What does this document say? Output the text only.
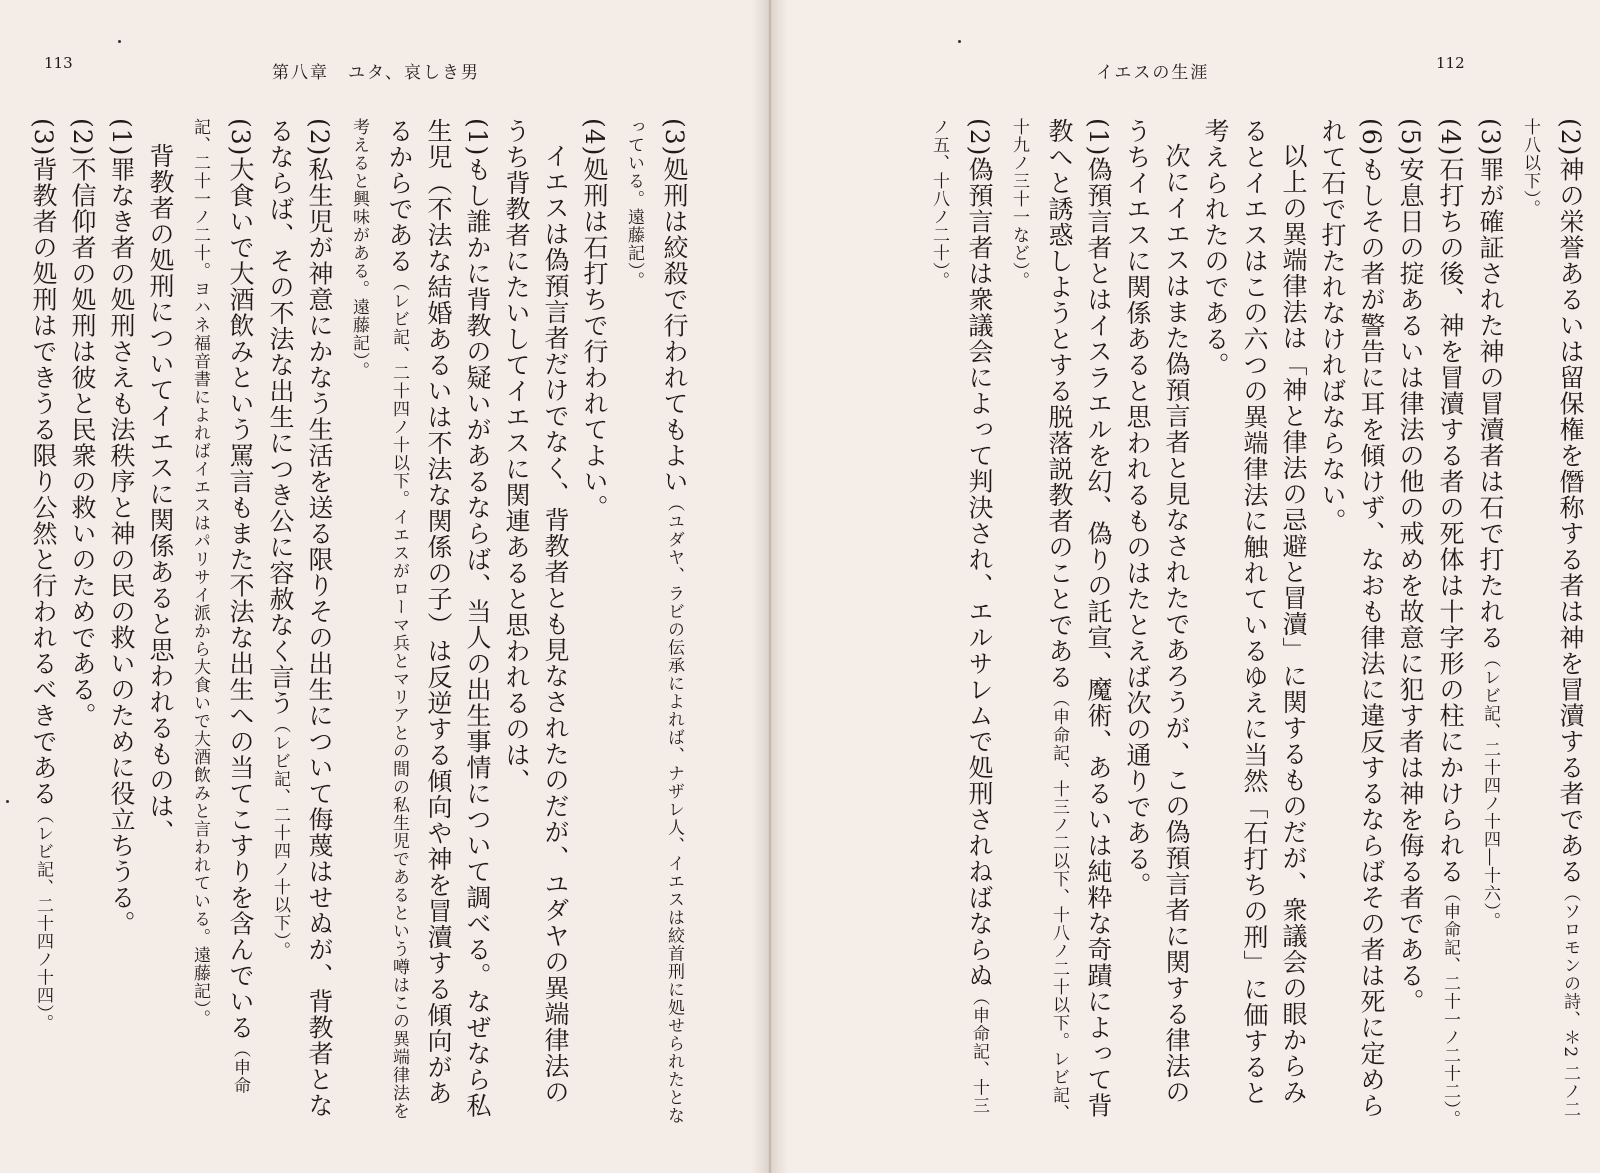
113	第八章　ユタ、哀しき男

(3)処刑は絞殺で行われてもよい（ユダヤ、ラビの伝承によれば、ナザレ人、イエスは絞首刑に処せられたとなっている。遠藤記）。

(4)処刑は石打ちで行われてよい。

イエスは偽預言者だけでなく、背教者とも見なされたのだが、ユダヤの異端律法のうち背教者にたいしてイエスに関連あると思われるのは、

(1)もし誰かに背教の疑いがあるならば、当人の出生事情について調べる。なぜなら私生児（不法な結婚あるいは不法な関係の子）は反逆する傾向や神を冒瀆する傾向があるからである（レビ記、二十四ノ十以下。イエスがローマ兵とマリアとの間の私生児であるという噂はこの異端律法を考えると興味がある。遠藤記）。

(2)私生児が神意にかなう生活を送る限りその出生について侮蔑はせぬが、背教者となるならば、その不法な出生につき公に容赦なく言う（レビ記、二十四ノ十以下）。

(3)大食いで大酒飲みという罵言もまた不法な出生への当てこすりを含んでいる（申命記、二十一ノ二十。ヨハネ福音書によればイエスはパリサイ派から大食いで大酒飲みと言われている。遠藤記）。

背教者の処刑についてイエスに関係あると思われるものは、

(1)罪なき者の処刑さえも法秩序と神の民の救いのために役立ちうる。

(2)不信仰者の処刑は彼と民衆の救いのためである。

(3)背教者の処刑はできうる限り公然と行われるべきである（レビ記、二十四ノ十四）。

イエスの生涯	112

(2)神の栄誉あるいは留保権を僭称する者は神を冒瀆する者である（ソロモンの詩、＊2 二ノ二十八以下）。

(3)罪が確証された神の冒瀆者は石で打たれる（レビ記、二十四ノ十四―十六）。

(4)石打ちの後、神を冒瀆する者の死体は十字形の柱にかけられる（申命記、二十一ノ二十二）。

(5)安息日の掟あるいは律法の他の戒めを故意に犯す者は神を侮る者である。

(6)もしその者が警告に耳を傾けず、なおも律法に違反するならばその者は死に定められて石で打たれなければならない。

以上の異端律法は「神と律法の忌避と冒瀆」に関するものだが、衆議会の眼からみるとイエスはこの六つの異端律法に触れているゆえに当然「石打ちの刑」に価すると考えられたのである。

次にイエスはまた偽預言者と見なされたであろうが、この偽預言者に関する律法のうちイエスに関係あると思われるものはたとえば次の通りである。

(1)偽預言者とはイスラエルを幻、偽りの託宣、魔術、あるいは純粋な奇蹟によって背教へと誘惑しようとする脱落説教者のことである（申命記、十三ノ二以下、十八ノ二十以下。レビ記、十九ノ三十一など）。

(2)偽預言者は衆議会によって判決され、エルサレムで処刑されねばならぬ（申命記、十三ノ五、十八ノ二十）。
